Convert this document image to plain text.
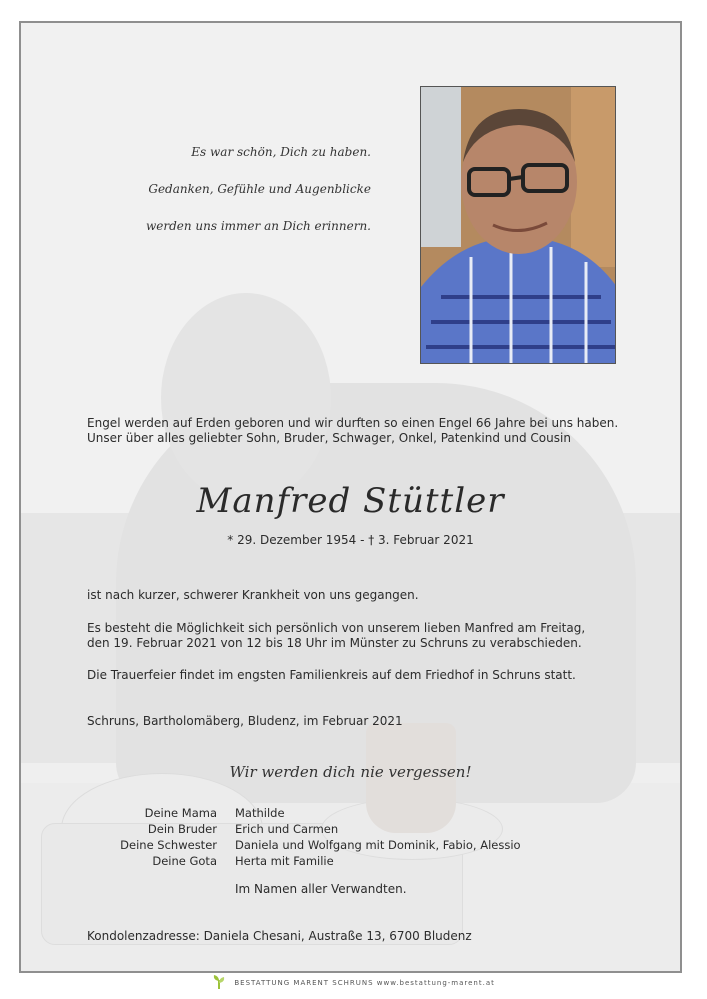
Es war schön, Dich zu haben.
Gedanken, Gefühle und Augenblicke
werden uns immer an Dich erinnern.
Engel werden auf Erden geboren und wir durften so einen Engel 66 Jahre bei uns haben.
Unser über alles geliebter Sohn, Bruder, Schwager, Onkel, Patenkind und Cousin
Manfred Stüttler
* 29. Dezember 1954 - † 3. Februar 2021
ist nach kurzer, schwerer Krankheit von uns gegangen.
Es besteht die Möglichkeit sich persönlich von unserem lieben Manfred am Freitag,
den 19. Februar 2021 von 12 bis 18 Uhr im Münster zu Schruns zu verabschieden.
Die Trauerfeier findet im engsten Familienkreis auf dem Friedhof in Schruns statt.
Schruns, Bartholomäberg, Bludenz, im Februar 2021
Wir werden dich nie vergessen!
Deine Mama
Dein Bruder
Deine Schwester
Deine Gota
Mathilde
Erich und Carmen
Daniela und Wolfgang mit Dominik, Fabio, Alessio
Herta mit Familie
Im Namen aller Verwandten.
Kondolenzadresse: Daniela Chesani, Austraße 13, 6700 Bludenz
BESTATTUNG MARENT SCHRUNS www.bestattung-marent.at
